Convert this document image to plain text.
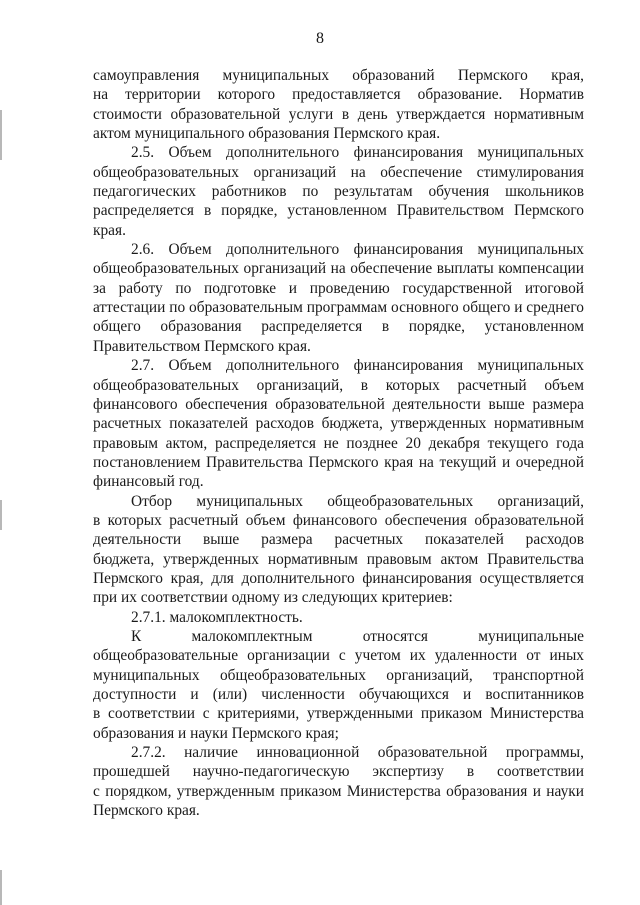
8
самоуправления муниципальных образований Пермского края,
на территории которого предоставляется образование. Норматив
стоимости образовательной услуги в день утверждается нормативным
актом муниципального образования Пермского края.
2.5. Объем дополнительного финансирования муниципальных
общеобразовательных организаций на обеспечение стимулирования
педагогических работников по результатам обучения школьников
распределяется в порядке, установленном Правительством Пермского
края.
2.6. Объем дополнительного финансирования муниципальных
общеобразовательных организаций на обеспечение выплаты компенсации
за работу по подготовке и проведению государственной итоговой
аттестации по образовательным программам основного общего и среднего
общего образования распределяется в порядке, установленном
Правительством Пермского края.
2.7. Объем дополнительного финансирования муниципальных
общеобразовательных организаций, в которых расчетный объем
финансового обеспечения образовательной деятельности выше размера
расчетных показателей расходов бюджета, утвержденных нормативным
правовым актом, распределяется не позднее 20 декабря текущего года
постановлением Правительства Пермского края на текущий и очередной
финансовый год.
Отбор муниципальных общеобразовательных организаций,
в которых расчетный объем финансового обеспечения образовательной
деятельности выше размера расчетных показателей расходов
бюджета, утвержденных нормативным правовым актом Правительства
Пермского края, для дополнительного финансирования осуществляется
при их соответствии одному из следующих критериев:
2.7.1. малокомплектность.
К малокомплектным относятся муниципальные
общеобразовательные организации с учетом их удаленности от иных
муниципальных общеобразовательных организаций, транспортной
доступности и (или) численности обучающихся и воспитанников
в соответствии с критериями, утвержденными приказом Министерства
образования и науки Пермского края;
2.7.2. наличие инновационной образовательной программы,
прошедшей научно-педагогическую экспертизу в соответствии
с порядком, утвержденным приказом Министерства образования и науки
Пермского края.
